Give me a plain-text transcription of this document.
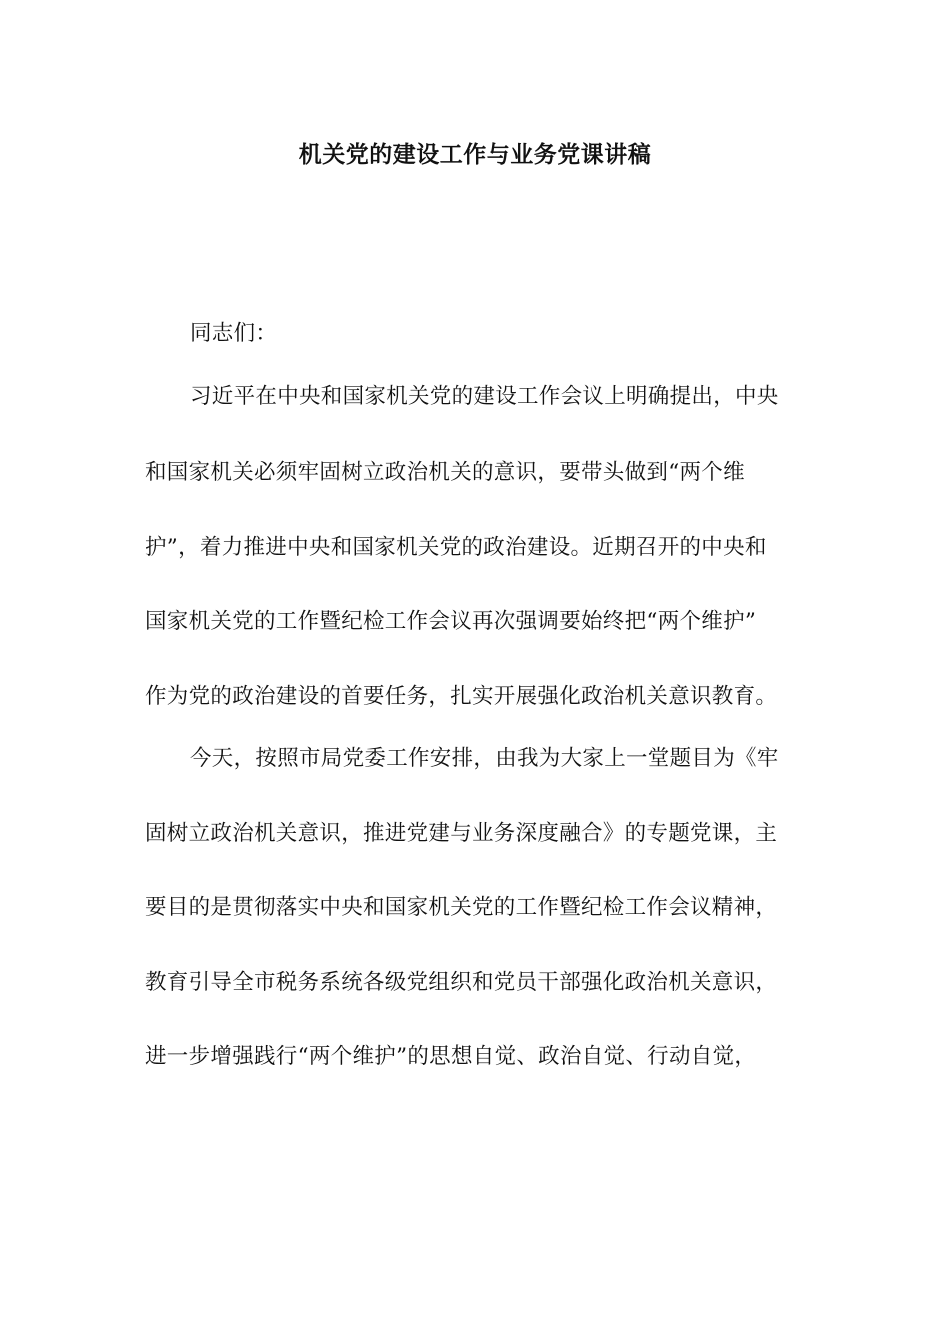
机关党的建设工作与业务党课讲稿
同志们：
习近平在中央和国家机关党的建设工作会议上明确提出，中央
和国家机关必须牢固树立政治机关的意识，要带头做到“两个维
护”，着力推进中央和国家机关党的政治建设。近期召开的中央和
国家机关党的工作暨纪检工作会议再次强调要始终把“两个维护”
作为党的政治建设的首要任务，扎实开展强化政治机关意识教育。
今天，按照市局党委工作安排，由我为大家上一堂题目为《牢
固树立政治机关意识，推进党建与业务深度融合》的专题党课，主
要目的是贯彻落实中央和国家机关党的工作暨纪检工作会议精神，
教育引导全市税务系统各级党组织和党员干部强化政治机关意识，
进一步增强践行“两个维护”的思想自觉、政治自觉、行动自觉，
